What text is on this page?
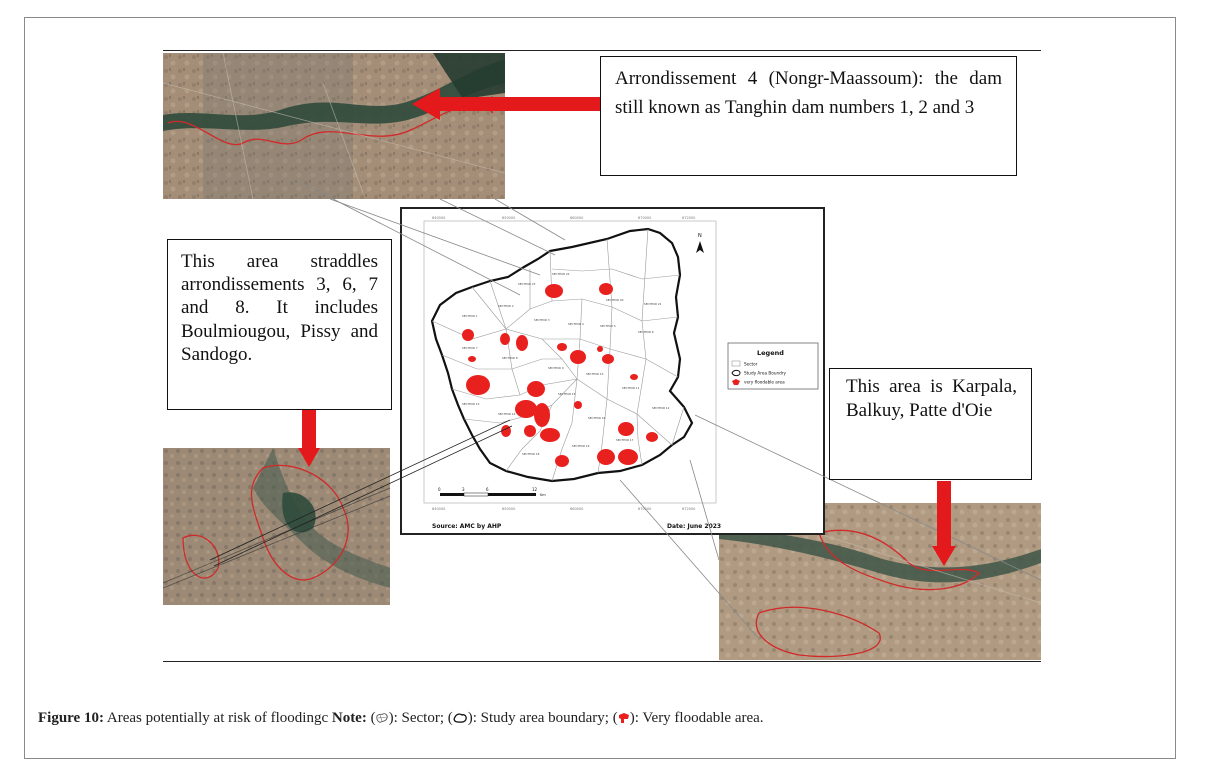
640000	650000	660000	670000	672000
640000	650000	660000	670000	672000
SECTEUR 1
SECTEUR 2
SECTEUR 3
SECTEUR 4	SECTEUR 5
SECTEUR 6
SECTEUR 7
SECTEUR 8
SECTEUR 9
SECTEUR 10
SECTEUR 11
SECTEUR 12
SECTEUR 13
SECTEUR 14
SECTEUR 15
SECTEUR 16
SECTEUR 17
SECTEUR 18
SECTEUR 19
SECTEUR 20
SECTEUR 21
SECTEUR 22
SECTEUR 23
N
0	3	6	12
Km
Legend
Sector
Study Area Boundry
very floodable area
Source: AMC by AHP	Date: June 2023
Arrondissement 4 (Nongr-Maassoum): the dam still known as Tanghin dam numbers 1, 2 and 3
This area straddles arrondissements 3, 6, 7 and 8. It includes Boulmiougou, Pissy and Sandogo.
This area is Karpala, Balkuy, Patte d'Oie
Figure 10: Areas potentially at risk of floodingc Note: ( ): Sector; ( ): Study area boundary; ( ): Very floodable area.
